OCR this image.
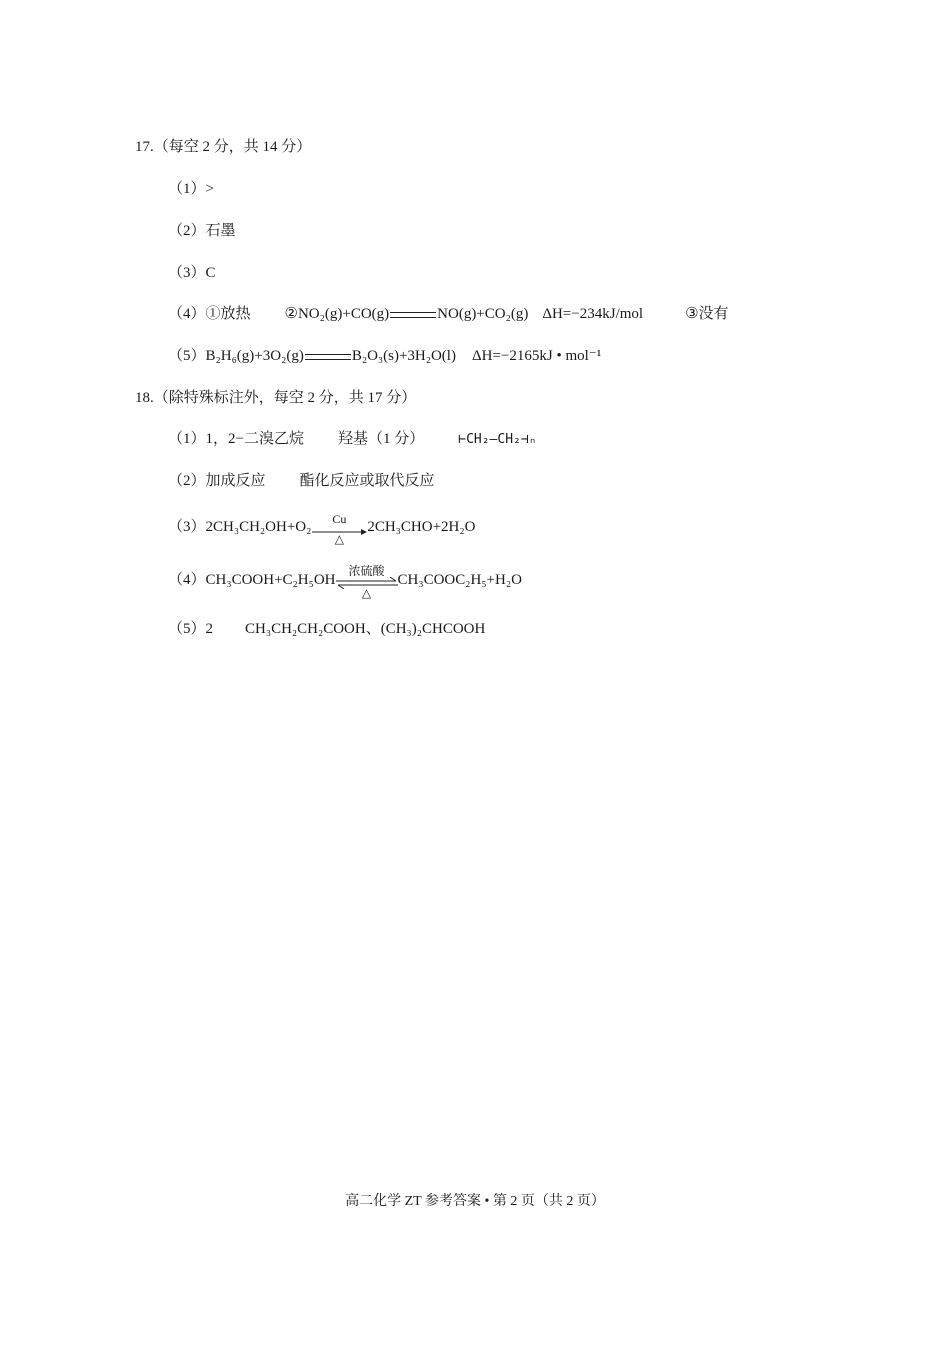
17.（每空 2 分，共 14 分）
（1）>
（2）石墨
（3）C
（4）①放热 ②NO₂(g)+CO(g)	NO(g)+CO₂(g) ΔH=−234kJ/mol	③没有
（5）B₂H₆(g)+3O₂(g)	B₂O₃(s)+3H₂O(l) ΔH=−2165kJ • mol⁻¹
18.（除特殊标注外，每空 2 分，共 17 分）
（1）1，2−二溴乙烷 羟基（1 分）	⊢CH₂—CH₂⊣ₙ
（2）加成反应 酯化反应或取代反应
（3）2CH₃CH₂OH+O₂
Cu
△
2CH₃CHO+2H₂O
（4）CH₃COOH+C₂H₅OH
浓硫酸
△
CH₃COOC₂H₅+H₂O
（5）2 CH₃CH₂CH₂COOH、(CH₃)₂CHCOOH
高二化学 ZT 参考答案 • 第 2 页（共 2 页）
